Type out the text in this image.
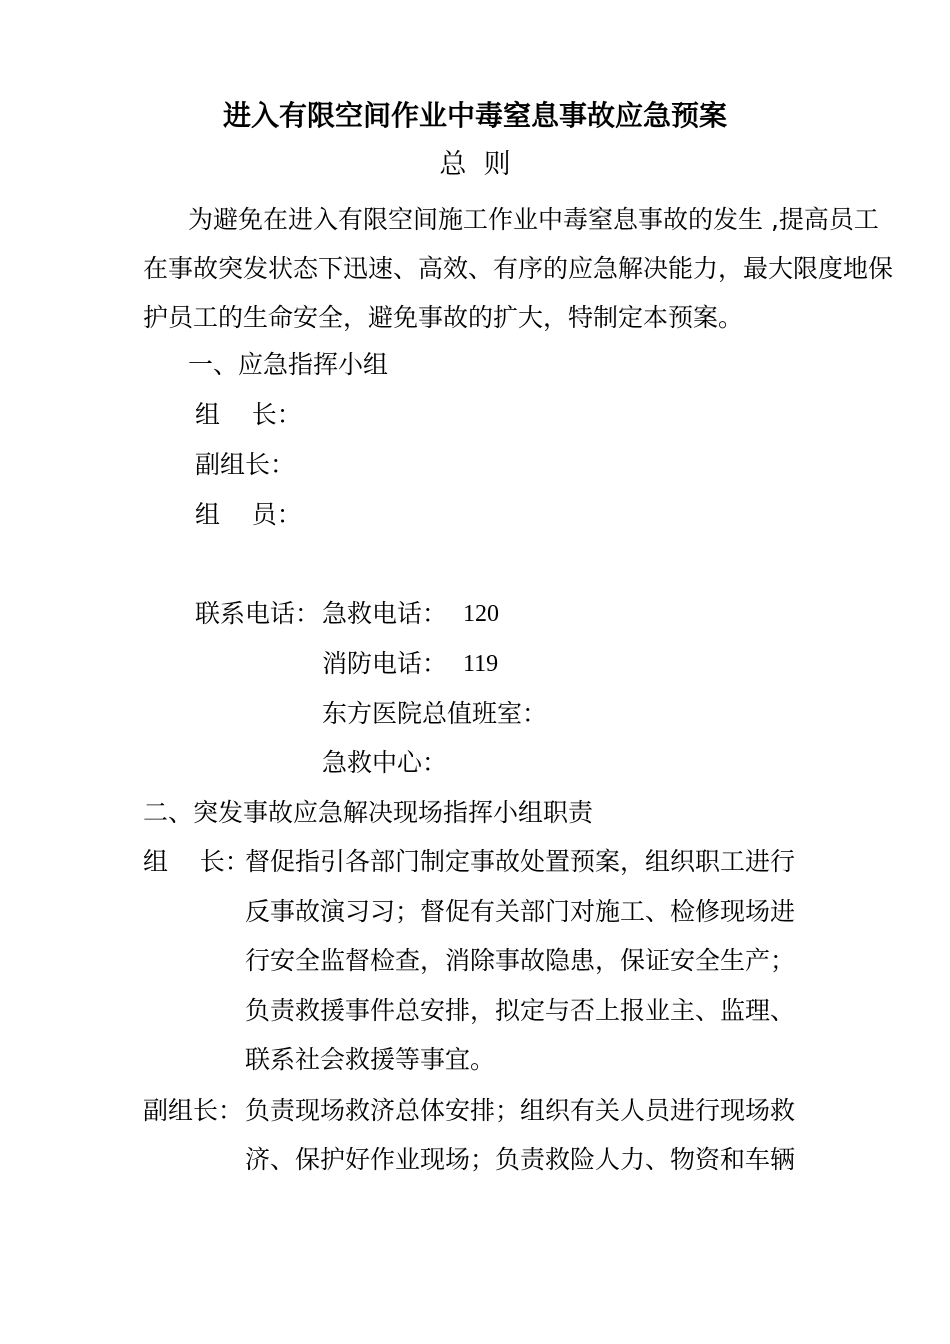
进入有限空间作业中毒窒息事故应急预案
总  则
为避免在进入有限空间施工作业中毒窒息事故的发生 ,提高员工
在事故突发状态下迅速、高效、有序的应急解决能力，最大限度地保
护员工的生命安全，避免事故的扩大，特制定本预案。
一、应急指挥小组
组    长：
副组长：
组    员：
联系电话： 急救电话： 120
消防电话： 119
东方医院总值班室：
急救中心：
二、突发事故应急解决现场指挥小组职责
组    长：
督促指引各部门制定事故处置预案，组织职工进行
反事故演习习；督促有关部门对施工、检修现场进
行安全监督检查，消除事故隐患，保证安全生产；
负责救援事件总安排，拟定与否上报业主、监理、
联系社会救援等事宜。
副组长： 负责现场救济总体安排；组织有关人员进行现场救
济、保护好作业现场；负责救险人力、物资和车辆
